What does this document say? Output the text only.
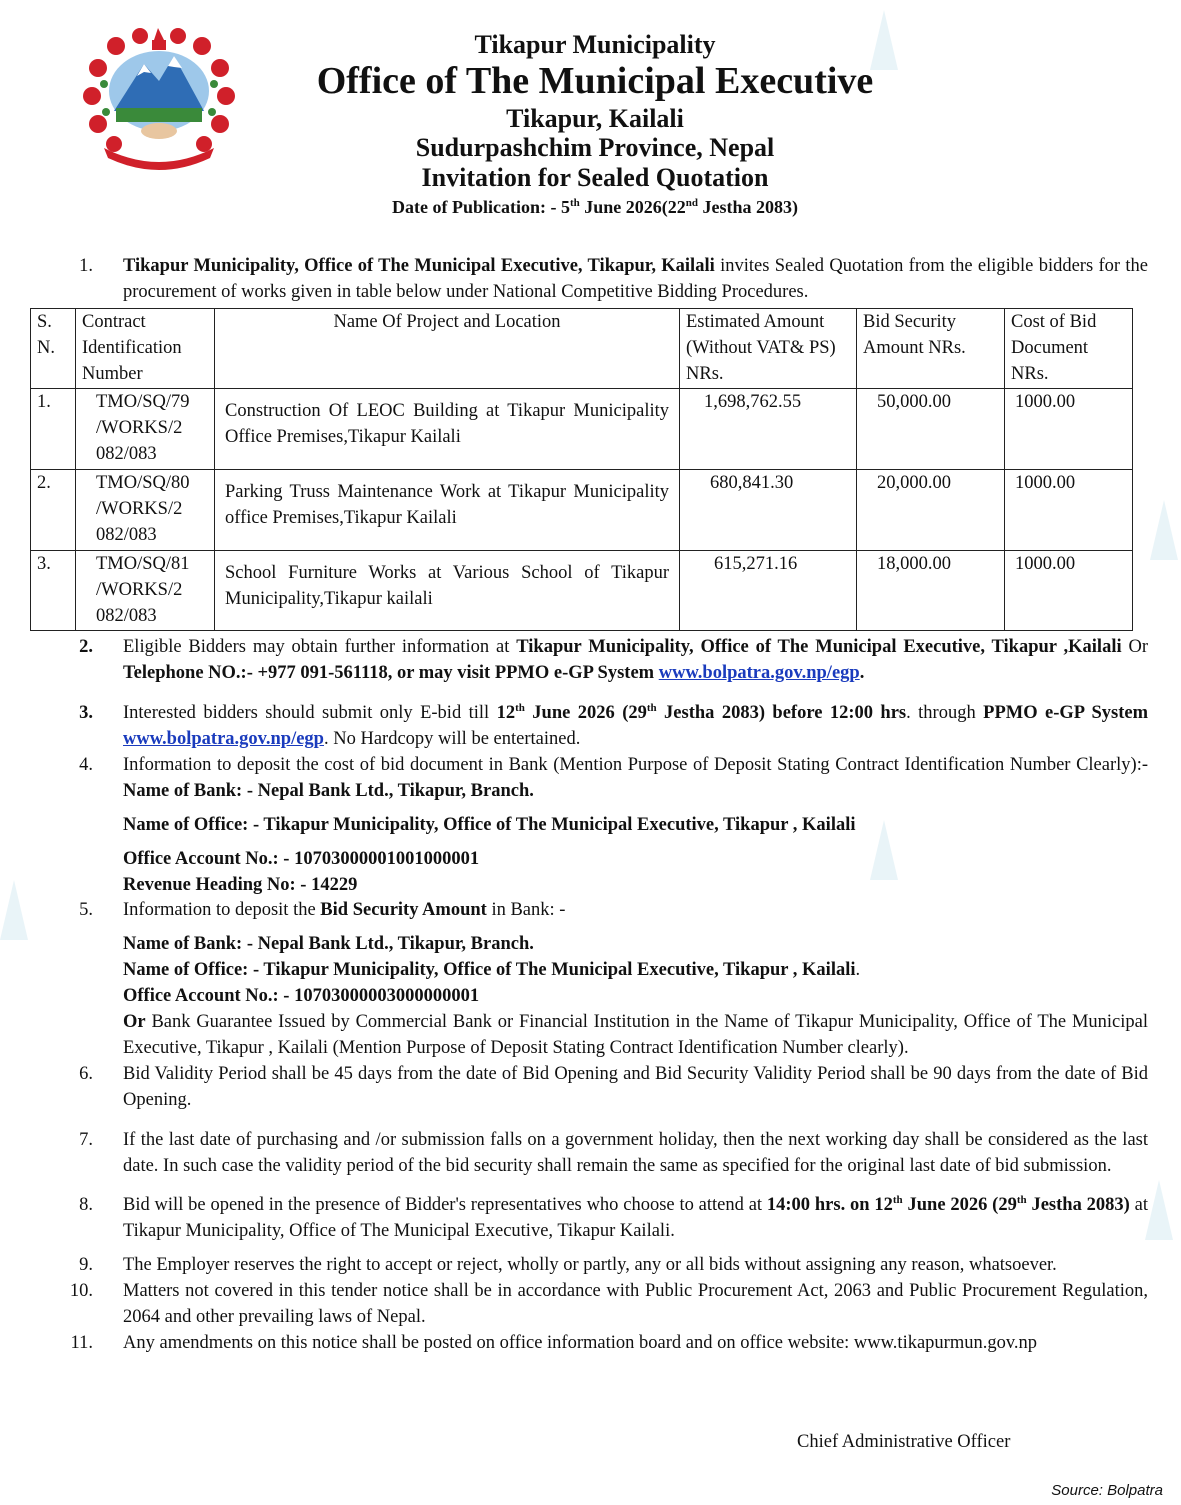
Tikapur Municipality
Office of The Municipal Executive
Tikapur, Kailali
Sudurpashchim Province, Nepal
Invitation for Sealed Quotation
Date of Publication: - 5th June 2026(22nd Jestha 2083)
1.	Tikapur Municipality, Office of The Municipal Executive, Tikapur, Kailali invites Sealed Quotation from the eligible bidders for the procurement of works given in table below under National Competitive Bidding Procedures.
S. N.	Contract Identification Number	Name Of Project and Location	Estimated Amount (Without VAT& PS) NRs.	Bid Security Amount NRs.	Cost of Bid Document NRs.
1.	TMO/SQ/79
/WORKS/2
082/083	Construction Of LEOC Building at Tikapur Municipality Office Premises,Tikapur Kailali	1,698,762.55	50,000.00	1000.00
2.	TMO/SQ/80
/WORKS/2
082/083	Parking Truss Maintenance Work at Tikapur Municipality office Premises,Tikapur Kailali	680,841.30	20,000.00	1000.00
3.	TMO/SQ/81
/WORKS/2
082/083	School Furniture Works at Various School of Tikapur Municipality,Tikapur kailali	615,271.16	18,000.00	1000.00
2.	Eligible Bidders may obtain further information at Tikapur Municipality, Office of The Municipal Executive, Tikapur ,Kailali Or Telephone NO.:- +977 091-561118, or may visit PPMO e-GP System www.bolpatra.gov.np/egp.
3.	Interested bidders should submit only E-bid till 12th June 2026 (29th Jestha 2083) before 12:00 hrs. through PPMO e-GP System www.bolpatra.gov.np/egp. No Hardcopy will be entertained.
4.	Information to deposit the cost of bid document in Bank (Mention Purpose of Deposit Stating Contract Identification Number Clearly):-Name of Bank: - Nepal Bank Ltd., Tikapur, Branch.
Name of Office: - Tikapur Municipality, Office of The Municipal Executive, Tikapur , Kailali
Office Account No.: - 10703000001001000001
Revenue Heading No: - 14229
5.	Information to deposit the Bid Security Amount in Bank: -
Name of Bank: - Nepal Bank Ltd., Tikapur, Branch.
Name of Office: - Tikapur Municipality, Office of The Municipal Executive, Tikapur , Kailali.
Office Account No.: - 10703000003000000001
Or Bank Guarantee Issued by Commercial Bank or Financial Institution in the Name of Tikapur Municipality, Office of The Municipal Executive, Tikapur , Kailali (Mention Purpose of Deposit Stating Contract Identification Number clearly).
6.	Bid Validity Period shall be 45 days from the date of Bid Opening and Bid Security Validity Period shall be 90 days from the date of Bid Opening.
7.	If the last date of purchasing and /or submission falls on a government holiday, then the next working day shall be considered as the last date. In such case the validity period of the bid security shall remain the same as specified for the original last date of bid submission.
8.	Bid will be opened in the presence of Bidder's representatives who choose to attend at 14:00 hrs. on 12th June 2026 (29th Jestha 2083) at Tikapur Municipality, Office of The Municipal Executive, Tikapur Kailali.
9.	The Employer reserves the right to accept or reject, wholly or partly, any or all bids without assigning any reason, whatsoever.
10.	Matters not covered in this tender notice shall be in accordance with Public Procurement Act, 2063 and Public Procurement Regulation, 2064 and other prevailing laws of Nepal.
11.	Any amendments on this notice shall be posted on office information board and on office website: www.tikapurmun.gov.np
Chief Administrative Officer
Source: Bolpatra
